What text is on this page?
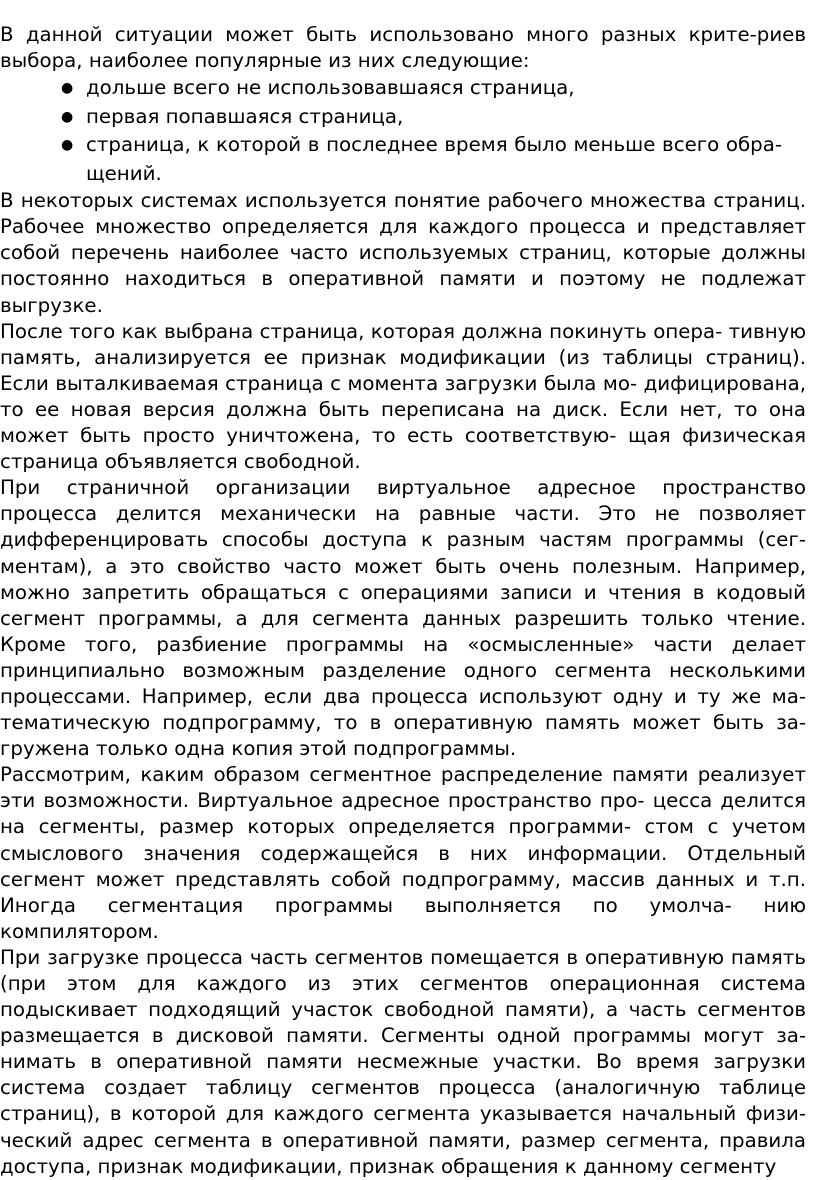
В данной ситуации может быть использовано много разных крите-риев выбора, наиболее популярные из них следующие:

● дольше всего не использовавшаяся страница,
● первая попавшаяся страница,
● страница, к которой в последнее время было меньше всего обра-щений.

В некоторых системах используется понятие рабочего множества страниц. Рабочее множество определяется для каждого процесса и представляет собой перечень наиболее часто используемых страниц, которые должны постоянно находиться в оперативной памяти и поэтому не подлежат выгрузке.

После того как выбрана страница, которая должна покинуть опера- тивную память, анализируется ее признак модификации (из таблицы страниц). Если выталкиваемая страница с момента загрузки была мо- дифицирована, то ее новая версия должна быть переписана на диск. Если нет, то она может быть просто уничтожена, то есть соответствую- щая физическая страница объявляется свободной.

При страничной организации виртуальное адресное пространство процесса делится механически на равные части. Это не позволяет дифференцировать способы доступа к разным частям программы (сег-ментам), а это свойство часто может быть очень полезным. Например, можно запретить обращаться с операциями записи и чтения в кодовый сегмент программы, а для сегмента данных разрешить только чтение. Кроме того, разбиение программы на «осмысленные» части делает принципиально возможным разделение одного сегмента несколькими процессами. Например, если два процесса используют одну и ту же ма-тематическую подпрограмму, то в оперативную память может быть за-гружена только одна копия этой подпрограммы.

Рассмотрим, каким образом сегментное распределение памяти реализует эти возможности. Виртуальное адресное пространство про- цесса делится на сегменты, размер которых определяется программи- стом с учетом смыслового значения содержащейся в них информации. Отдельный сегмент может представлять собой подпрограмму, массив данных и т.п. Иногда сегментация программы выполняется по умолча- нию компилятором.

При загрузке процесса часть сегментов помещается в оперативную память (при этом для каждого из этих сегментов операционная система подыскивает подходящий участок свободной памяти), а часть сегментов размещается в дисковой памяти. Сегменты одной программы могут за-нимать в оперативной памяти несмежные участки. Во время загрузки система создает таблицу сегментов процесса (аналогичную таблице страниц), в которой для каждого сегмента указывается начальный физи-ческий адрес сегмента в оперативной памяти, размер сегмента, правила доступа, признак модификации, признак обращения к данному сегменту
